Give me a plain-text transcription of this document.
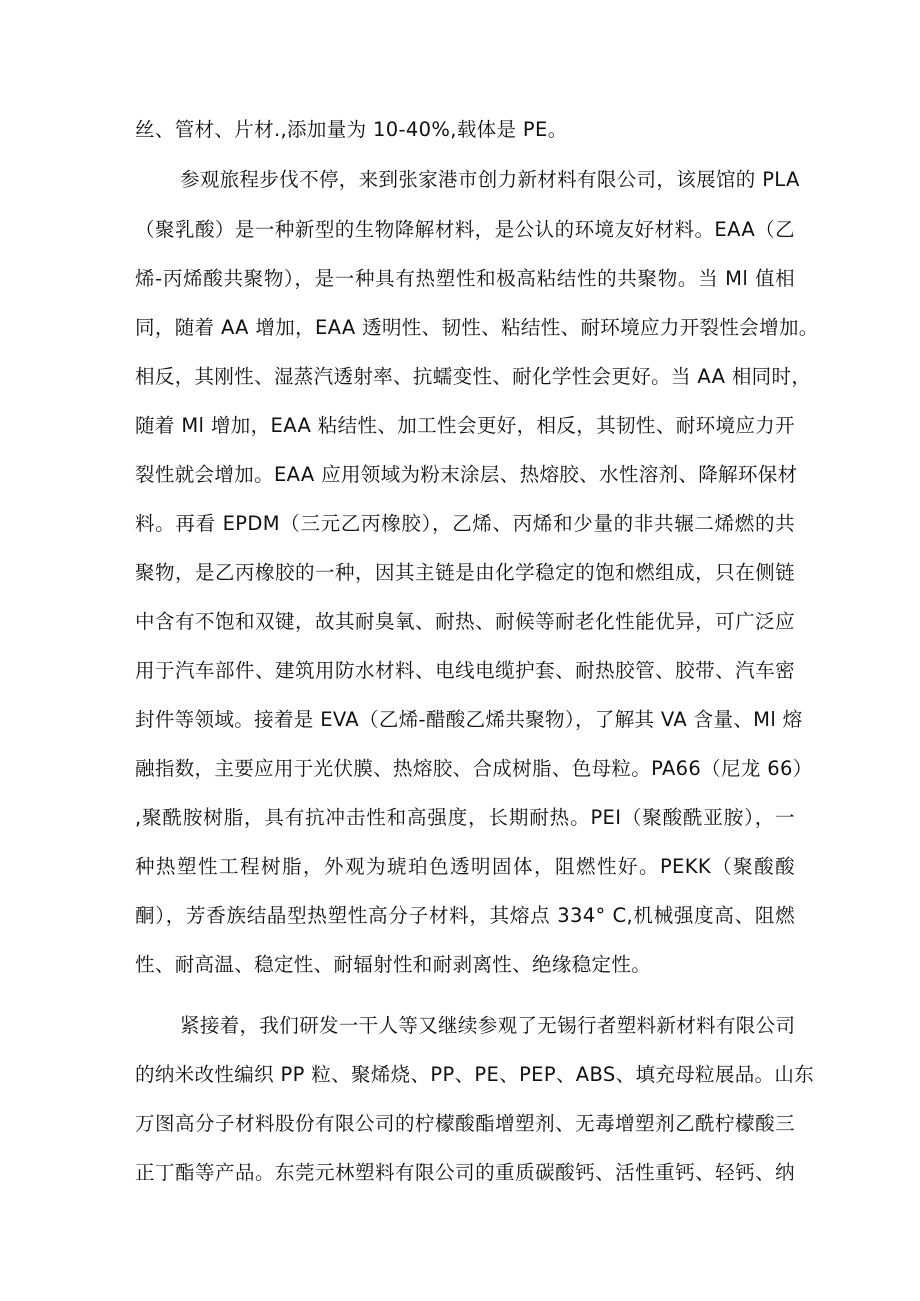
丝、管材、片材.,添加量为 10-40%,载体是 PE。
参观旅程步伐不停，来到张家港市创力新材料有限公司，该展馆的 PLA
（聚乳酸）是一种新型的生物降解材料，是公认的环境友好材料。EAA（乙
烯-丙烯酸共聚物），是一种具有热塑性和极高粘结性的共聚物。当 Ml 值相
同，随着 AA 增加，EAA 透明性、韧性、粘结性、耐环境应力开裂性会增加。
相反，其刚性、湿蒸汽透射率、抗蠕变性、耐化学性会更好。当 AA 相同时，
随着 Ml 增加，EAA 粘结性、加工性会更好，相反，其韧性、耐环境应力开
裂性就会增加。EAA 应用领域为粉末涂层、热熔胶、水性溶剂、降解环保材
料。再看 EPDM（三元乙丙橡胶），乙烯、丙烯和少量的非共辗二烯燃的共
聚物，是乙丙橡胶的一种，因其主链是由化学稳定的饱和燃组成，只在侧链
中含有不饱和双键，故其耐臭氧、耐热、耐候等耐老化性能优异，可广泛应
用于汽车部件、建筑用防水材料、电线电缆护套、耐热胶管、胶带、汽车密
封件等领域。接着是 EVA（乙烯-醋酸乙烯共聚物），了解其 VA 含量、Ml 熔
融指数，主要应用于光伏膜、热熔胶、合成树脂、色母粒。PA66（尼龙 66）
,聚酰胺树脂，具有抗冲击性和高强度，长期耐热。PEI（聚酸酰亚胺），一
种热塑性工程树脂，外观为琥珀色透明固体，阻燃性好。PEKK（聚酸酸
酮），芳香族结晶型热塑性高分子材料，其熔点 334° C,机械强度高、阻燃
性、耐高温、稳定性、耐辐射性和耐剥离性、绝缘稳定性。
紧接着，我们研发一干人等又继续参观了无锡行者塑料新材料有限公司
的纳米改性编织 PP 粒、聚烯烧、PP、PE、PEP、ABS、填充母粒展品。山东
万图高分子材料股份有限公司的柠檬酸酯增塑剂、无毒增塑剂乙酰柠檬酸三
正丁酯等产品。东莞元林塑料有限公司的重质碳酸钙、活性重钙、轻钙、纳
